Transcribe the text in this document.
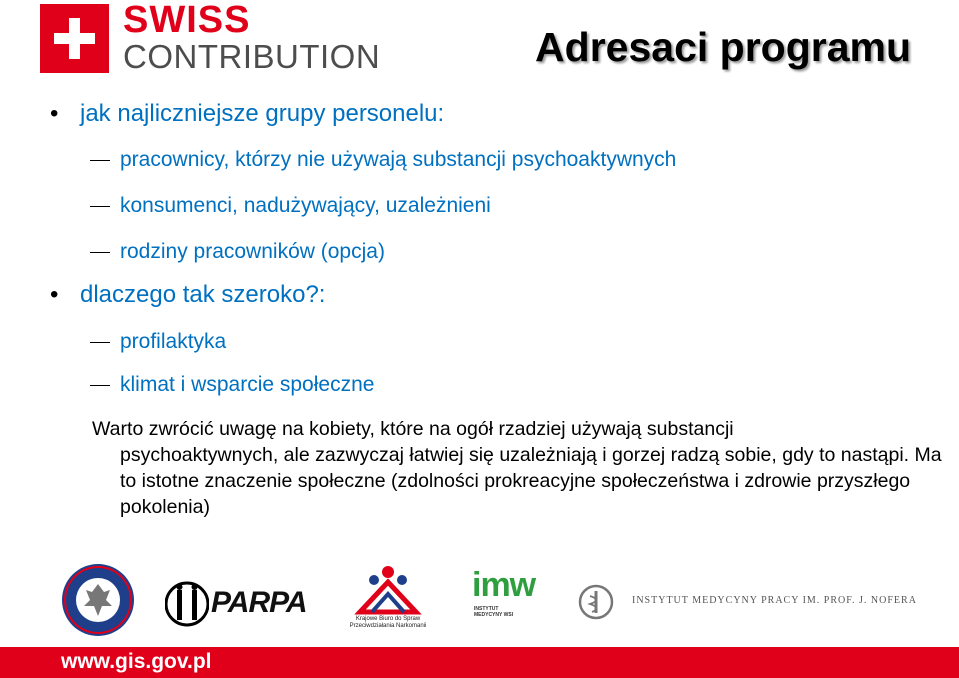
SWISS
CONTRIBUTION	Adresaci programu
• jak najliczniejsze grupy personelu:
pracownicy, którzy nie używają substancji psychoaktywnych
konsumenci, nadużywający, uzależnieni
rodziny pracowników (opcja)
• dlaczego tak szeroko?:
profilaktyka
klimat i wsparcie społeczne
Warto zwrócić uwagę na kobiety, które na ogół rzadziej używają substancji
psychoaktywnych, ale zazwyczaj łatwiej się uzależniają i gorzej radzą sobie, gdy to nastąpi. Ma to istotne znaczenie społeczne (zdolności prokreacyjne społeczeństwa i zdrowie przyszłego pokolenia)
PARPA	Krajowe Biuro do Spraw
Przeciwdziałania Narkomanii
imw
INSTYTUT MEDYCYNY WSI
INSTYTUT MEDYCYNY PRACY IM. PROF. J. NOFERA
www.gis.gov.pl
